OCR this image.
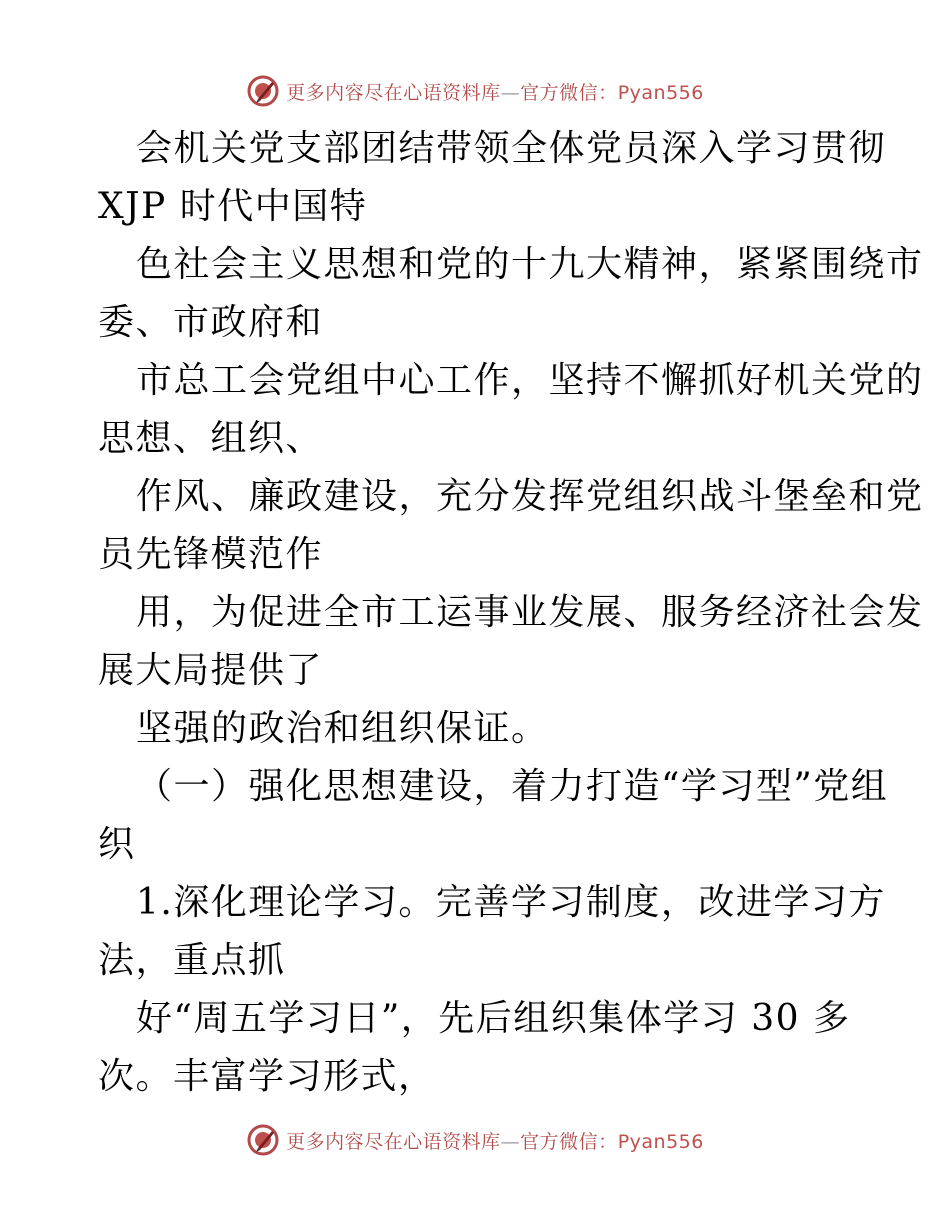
更多内容尽在心语资料库—官方微信：Pyan556
会机关党支部团结带领全体党员深入学习贯彻
XJP 时代中国特
色社会主义思想和党的十九大精神，紧紧围绕市
委、市政府和
市总工会党组中心工作，坚持不懈抓好机关党的
思想、组织、
作风、廉政建设，充分发挥党组织战斗堡垒和党
员先锋模范作
用，为促进全市工运事业发展、服务经济社会发
展大局提供了
坚强的政治和组织保证。
（一）强化思想建设，着力打造“学习型”党组
织
1.深化理论学习。完善学习制度，改进学习方
法，重点抓
好“周五学习日”，先后组织集体学习 30 多
次。丰富学习形式，
更多内容尽在心语资料库—官方微信：Pyan556
